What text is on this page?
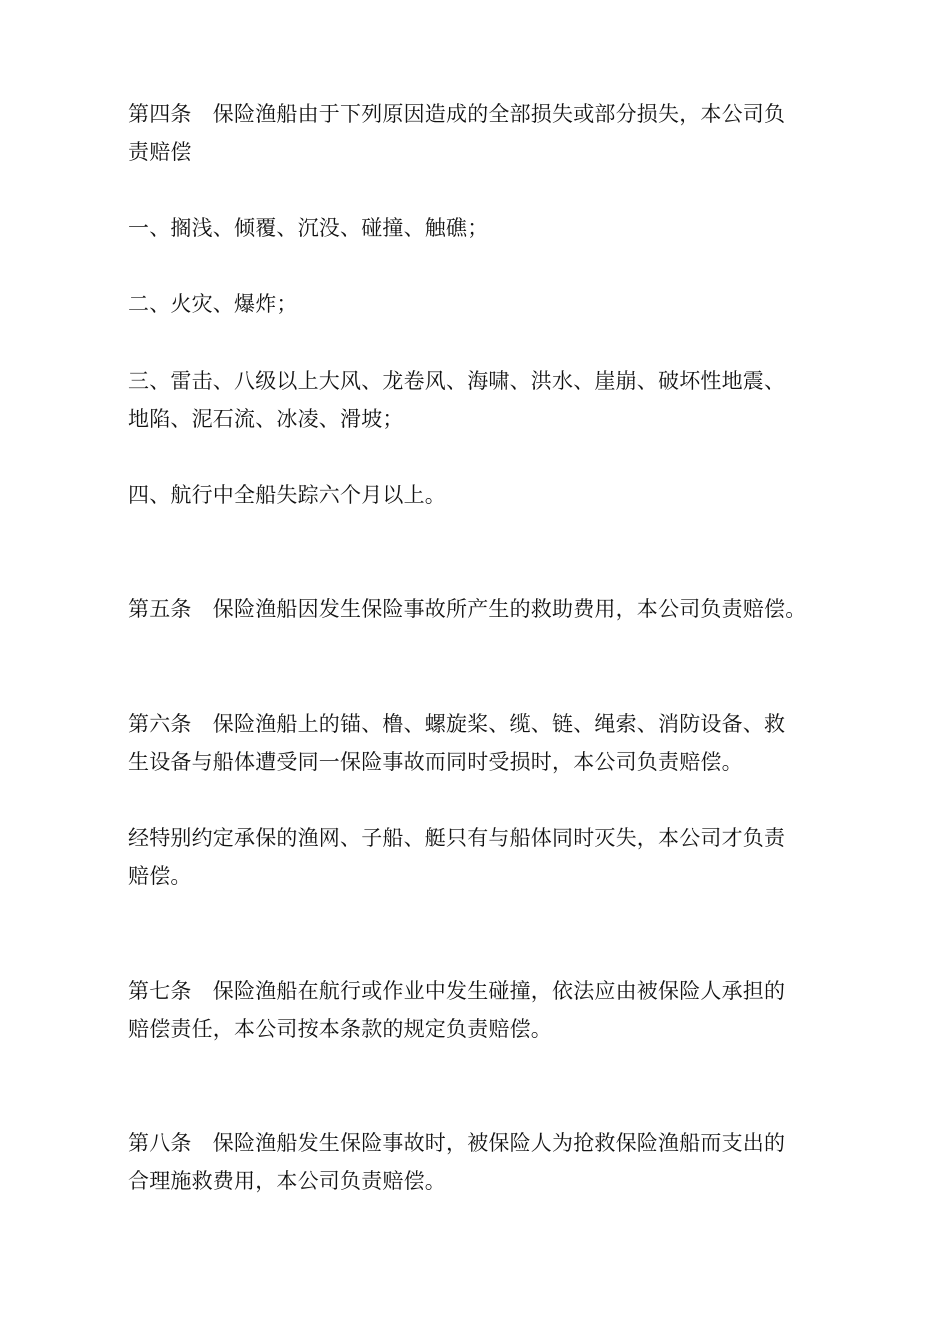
第四条　保险渔船由于下列原因造成的全部损失或部分损失，本公司负
责赔偿
一、搁浅、倾覆、沉没、碰撞、触礁；
二、火灾、爆炸；
三、雷击、八级以上大风、龙卷风、海啸、洪水、崖崩、破坏性地震、
地陷、泥石流、冰凌、滑坡；
四、航行中全船失踪六个月以上。
第五条　保险渔船因发生保险事故所产生的救助费用，本公司负责赔偿。
第六条　保险渔船上的锚、橹、螺旋桨、缆、链、绳索、消防设备、救
生设备与船体遭受同一保险事故而同时受损时，本公司负责赔偿。
经特别约定承保的渔网、子船、艇只有与船体同时灭失，本公司才负责
赔偿。
第七条　保险渔船在航行或作业中发生碰撞，依法应由被保险人承担的
赔偿责任，本公司按本条款的规定负责赔偿。
第八条　保险渔船发生保险事故时，被保险人为抢救保险渔船而支出的
合理施救费用，本公司负责赔偿。
